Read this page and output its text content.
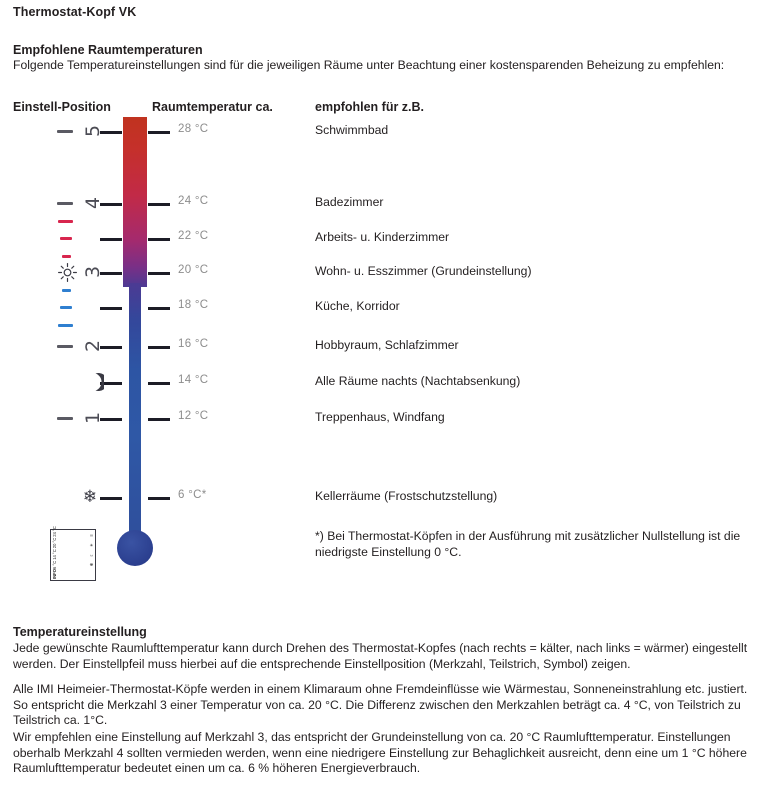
Thermostat-Kopf VK
Empfohlene Raumtemperaturen
Folgende Temperatureinstellungen sind für die jeweiligen Räume unter Beachtung einer kostensparenden Beheizung zu empfehlen:
Einstell-Position	Raumtemperatur ca.	empfohlen für z.B.
5	28 °C	Schwimmbad
4	24 °C	Badezimmer
22 °C	Arbeits- u. Kinderzimmer
3	20 °C	Wohn- u. Esszimmer (Grundeinstellung)
18 °C	Küche, Korridor
2	16 °C	Hobbyraum, Schlafzimmer
14 °C	Alle Räume nachts (Nachtabsenkung)
1	12 °C	Treppenhaus, Windfang
❄	6 °C*	Kellerräume (Frostschutzstellung)
INFO
6 °C
14 °C
20 °C
24 °C
✻
☾
☀
≡	*) Bei Thermostat-Köpfen in der Ausführung mit zusätzlicher Nullstellung ist die niedrigste Einstellung 0 °C.
Temperatureinstellung
Jede gewünschte Raumlufttemperatur kann durch Drehen des Thermostat-Kopfes (nach rechts = kälter, nach links = wärmer) eingestellt werden. Der Einstellpfeil muss hierbei auf die entsprechende Einstellposition (Merkzahl, Teilstrich, Symbol) zeigen.
Alle IMI Heimeier-Thermostat-Köpfe werden in einem Klimaraum ohne Fremdeinflüsse wie Wärmestau, Sonneneinstrahlung etc. justiert. So entspricht die Merkzahl 3 einer Temperatur von ca. 20 °C. Die Differenz zwischen den Merkzahlen beträgt ca. 4 °C, von Teilstrich zu Teilstrich ca. 1°C.
Wir empfehlen eine Einstellung auf Merkzahl 3, das entspricht der Grundeinstellung von ca. 20 °C Raumlufttemperatur. Einstellungen oberhalb Merkzahl 4 sollten vermieden werden, wenn eine niedrigere Einstellung zur Behaglichkeit ausreicht, denn eine um 1 °C höhere Raumlufttemperatur bedeutet einen um ca. 6 % höheren Energieverbrauch.
